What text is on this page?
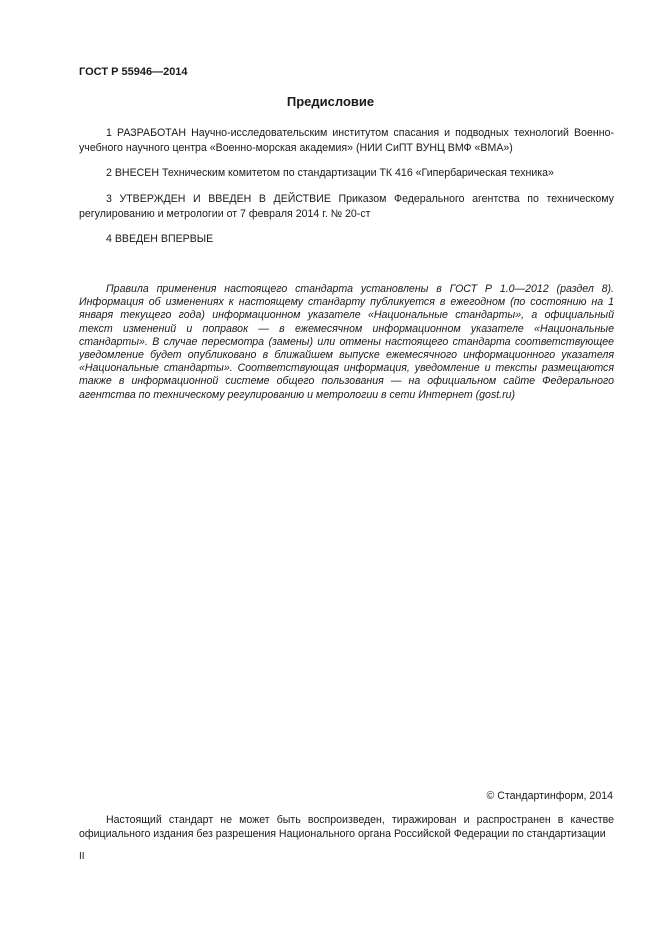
ГОСТ Р 55946—2014
Предисловие
1 РАЗРАБОТАН Научно-исследовательским институтом спасания и подводных технологий Военно-учебного научного центра «Военно-морская академия» (НИИ СиПТ ВУНЦ ВМФ «ВМА»)
2 ВНЕСЕН Техническим комитетом по стандартизации ТК 416 «Гипербарическая техника»
3 УТВЕРЖДЕН И ВВЕДЕН В ДЕЙСТВИЕ Приказом Федерального агентства по техническому регулированию и метрологии от 7 февраля 2014 г. № 20-ст
4 ВВЕДЕН ВПЕРВЫЕ
Правила применения настоящего стандарта установлены в ГОСТ Р 1.0—2012 (раздел 8). Информация об изменениях к настоящему стандарту публикуется в ежегодном (по состоянию на 1 января текущего года) информационном указателе «Национальные стандарты», а официальный текст изменений и поправок — в ежемесячном информационном указателе «Национальные стандарты». В случае пересмотра (замены) или отмены настоящего стандарта соответствующее уведомление будет опубликовано в ближайшем выпуске ежемесячного информационного указателя «Национальные стандарты». Соответствующая информация, уведомление и тексты размещаются также в информационной системе общего пользования — на официальном сайте Федерального агентства по техническому регулированию и метрологии в сети Интернет (gost.ru)
© Стандартинформ, 2014
Настоящий стандарт не может быть воспроизведен, тиражирован и распространен в качестве официального издания без разрешения Национального органа Российской Федерации по стандартизации
II
